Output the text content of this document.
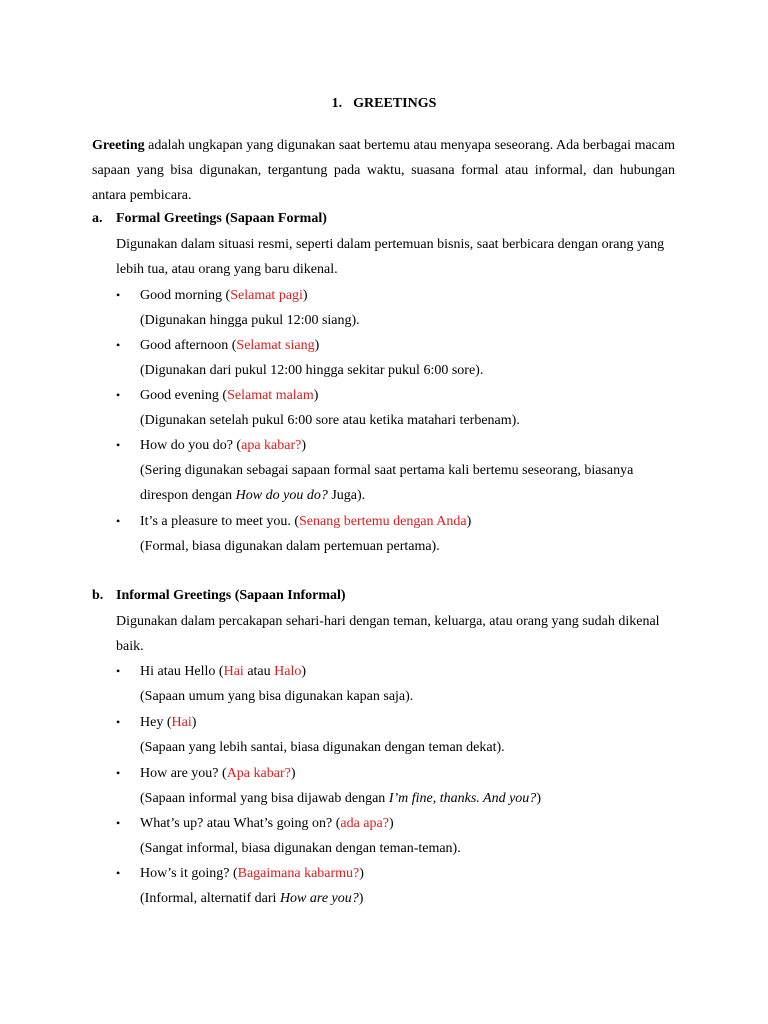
1. GREETINGS
Greeting adalah ungkapan yang digunakan saat bertemu atau menyapa seseorang. Ada berbagai macam sapaan yang bisa digunakan, tergantung pada waktu, suasana formal atau informal, dan hubungan antara pembicara.
a. Formal Greetings (Sapaan Formal)
Digunakan dalam situasi resmi, seperti dalam pertemuan bisnis, saat berbicara dengan orang yang lebih tua, atau orang yang baru dikenal.
•	Good morning (Selamat pagi)
(Digunakan hingga pukul 12:00 siang).
•	Good afternoon (Selamat siang)
(Digunakan dari pukul 12:00 hingga sekitar pukul 6:00 sore).
•	Good evening (Selamat malam)
(Digunakan setelah pukul 6:00 sore atau ketika matahari terbenam).
•	How do you do? (apa kabar?)
(Sering digunakan sebagai sapaan formal saat pertama kali bertemu seseorang, biasanya direspon dengan How do you do? Juga).
•	It’s a pleasure to meet you. (Senang bertemu dengan Anda)
(Formal, biasa digunakan dalam pertemuan pertama).
b. Informal Greetings (Sapaan Informal)
Digunakan dalam percakapan sehari-hari dengan teman, keluarga, atau orang yang sudah dikenal baik.
•	Hi atau Hello (Hai atau Halo)
(Sapaan umum yang bisa digunakan kapan saja).
•	Hey (Hai)
(Sapaan yang lebih santai, biasa digunakan dengan teman dekat).
•	How are you? (Apa kabar?)
(Sapaan informal yang bisa dijawab dengan I’m fine, thanks. And you?)
•	What’s up? atau What’s going on? (ada apa?)
(Sangat informal, biasa digunakan dengan teman-teman).
•	How’s it going? (Bagaimana kabarmu?)
(Informal, alternatif dari How are you?)
